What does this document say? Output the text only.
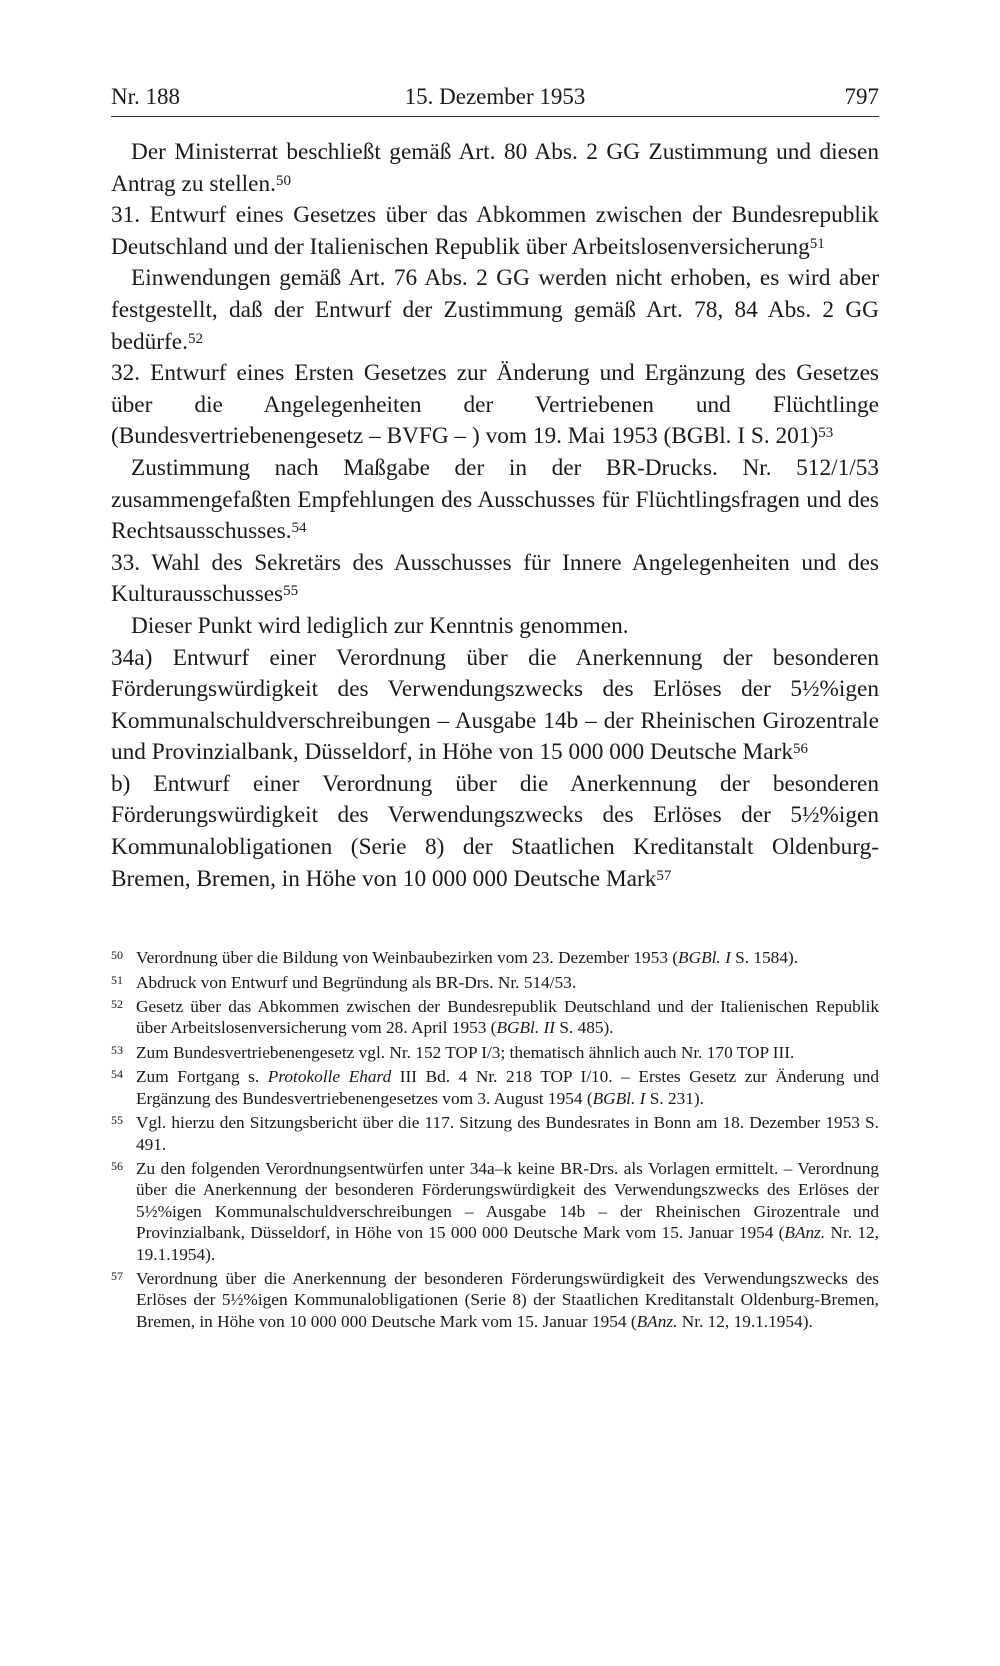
Nr. 188	15. Dezember 1953	797

Der Ministerrat beschließt gemäß Art. 80 Abs. 2 GG Zustimmung und diesen Antrag zu stellen.$^{50}$

31. Entwurf eines Gesetzes über das Abkommen zwischen der Bundesrepublik Deutschland und der Italienischen Republik über Arbeitslosenversicherung$^{51}$

Einwendungen gemäß Art. 76 Abs. 2 GG werden nicht erhoben, es wird aber festgestellt, daß der Entwurf der Zustimmung gemäß Art. 78, 84 Abs. 2 GG bedürfe.$^{52}$

32. Entwurf eines Ersten Gesetzes zur Änderung und Ergänzung des Gesetzes über die Angelegenheiten der Vertriebenen und Flüchtlinge (Bundesvertriebenengesetz – BVFG – ) vom 19. Mai 1953 (BGBl. I S. 201)$^{53}$

Zustimmung nach Maßgabe der in der BR-Drucks. Nr. 512/1/53 zusammengefaßten Empfehlungen des Ausschusses für Flüchtlingsfragen und des Rechtsausschusses.$^{54}$

33. Wahl des Sekretärs des Ausschusses für Innere Angelegenheiten und des Kulturausschusses$^{55}$

Dieser Punkt wird lediglich zur Kenntnis genommen.

34a) Entwurf einer Verordnung über die Anerkennung der besonderen Förderungswürdigkeit des Verwendungszwecks des Erlöses der 5½%igen Kommunalschuldverschreibungen – Ausgabe 14b – der Rheinischen Girozentrale und Provinzialbank, Düsseldorf, in Höhe von 15 000 000 Deutsche Mark$^{56}$

b) Entwurf einer Verordnung über die Anerkennung der besonderen Förderungswürdigkeit des Verwendungszwecks des Erlöses der 5½%igen Kommunalobligationen (Serie 8) der Staatlichen Kreditanstalt Oldenburg-Bremen, Bremen, in Höhe von 10 000 000 Deutsche Mark$^{57}$

50 Verordnung über die Bildung von Weinbaubezirken vom 23. Dezember 1953 (BGBl. I S. 1584).
51 Abdruck von Entwurf und Begründung als BR-Drs. Nr. 514/53.
52 Gesetz über das Abkommen zwischen der Bundesrepublik Deutschland und der Italienischen Republik über Arbeitslosenversicherung vom 28. April 1953 (BGBl. II S. 485).
53 Zum Bundesvertriebenengesetz vgl. Nr. 152 TOP I/3; thematisch ähnlich auch Nr. 170 TOP III.
54 Zum Fortgang s. Protokolle Ehard III Bd. 4 Nr. 218 TOP I/10. – Erstes Gesetz zur Änderung und Ergänzung des Bundesvertriebenengesetzes vom 3. August 1954 (BGBl. I S. 231).
55 Vgl. hierzu den Sitzungsbericht über die 117. Sitzung des Bundesrates in Bonn am 18. Dezember 1953 S. 491.
56 Zu den folgenden Verordnungsentwürfen unter 34a–k keine BR-Drs. als Vorlagen ermittelt. – Verordnung über die Anerkennung der besonderen Förderungswürdigkeit des Verwendungszwecks des Erlöses der 5½%igen Kommunalschuldverschreibungen – Ausgabe 14b – der Rheinischen Girozentrale und Provinzialbank, Düsseldorf, in Höhe von 15 000 000 Deutsche Mark vom 15. Januar 1954 (BAnz. Nr. 12, 19.1.1954).
57 Verordnung über die Anerkennung der besonderen Förderungswürdigkeit des Verwendungszwecks des Erlöses der 5½%igen Kommunalobligationen (Serie 8) der Staatlichen Kreditanstalt Oldenburg-Bremen, Bremen, in Höhe von 10 000 000 Deutsche Mark vom 15. Januar 1954 (BAnz. Nr. 12, 19.1.1954).
